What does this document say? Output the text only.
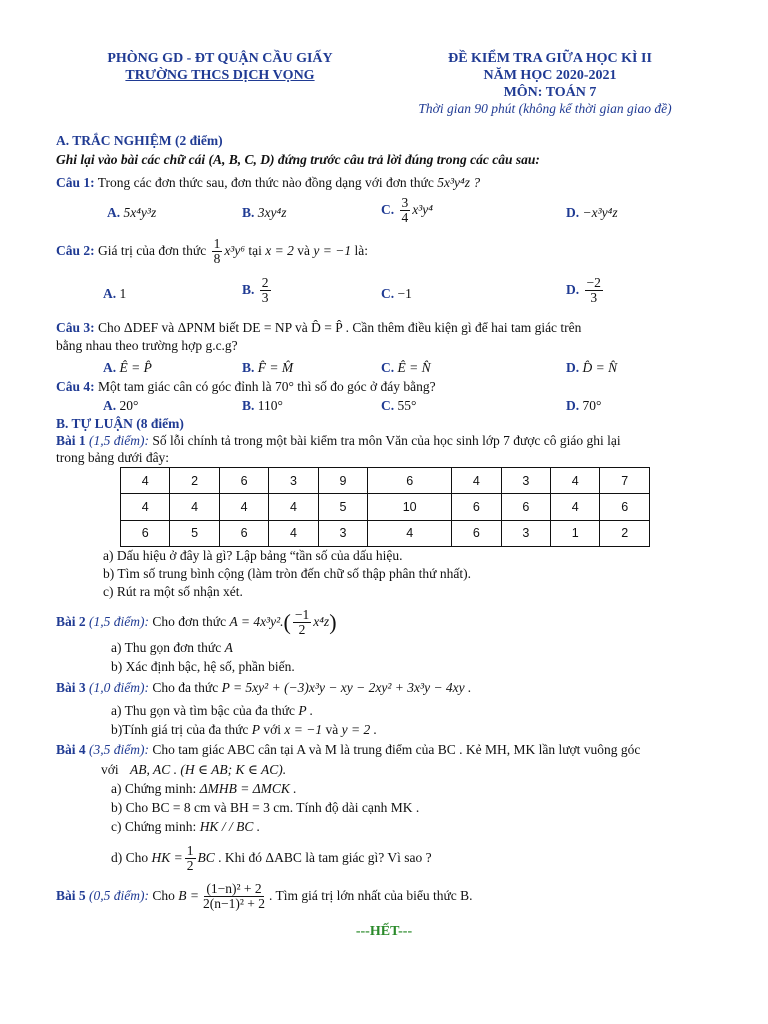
PHÒNG GD - ĐT QUẬN CẦU GIẤY
TRƯỜNG THCS DỊCH VỌNG
ĐỀ KIỂM TRA GIỮA HỌC KÌ II
NĂM HỌC 2020-2021
MÔN: TOÁN 7
Thời gian 90 phút (không kể thời gian giao đề)
A. TRẮC NGHIỆM (2 điểm)
Ghi lại vào bài các chữ cái (A, B, C, D) đứng trước câu trả lời đúng trong các câu sau:
Câu 1: Trong các đơn thức sau, đơn thức nào đồng dạng với đơn thức 5x³y⁴z ?
A. 5x⁴y³z	B. 3xy⁴z	C. $\frac{3}{4} x^3y^4$	D. −x³y⁴z
Câu 2: Giá trị của đơn thức $\frac{1}{8} x^3y^6$ tại x = 2 và y = −1 là:
A. 1	B. $\frac{2}{3}$	C. −1	D. $\frac{-2}{3}$
Câu 3: Cho ΔDEF và ΔPNM biết DE = NP và D̂ = P̂ . Cần thêm điều kiện gì để hai tam giác trên
bằng nhau theo trường hợp g.c.g?
A. Ê = P̂	B. F̂ = M̂	C. Ê = N̂	D. D̂ = N̂
Câu 4: Một tam giác cân có góc đỉnh là 70° thì số đo góc ở đáy bằng?
A. 20°	B. 110°	C. 55°	D. 70°
B. TỰ LUẬN (8 điểm)
Bài 1 (1,5 điểm): Số lỗi chính tả trong một bài kiểm tra môn Văn của học sinh lớp 7 được cô giáo ghi lại
trong bảng dưới đây:
4	2	6	3	9	6	4	3	4	7
4	4	4	4	5	10	6	6	4	6
6	5	6	4	3	4	6	3	1	2
a) Dấu hiệu ở đây là gì? Lập bảng “tần số của dấu hiệu.
b) Tìm số trung bình cộng (làm tròn đến chữ số thập phân thứ nhất).
c) Rút ra một số nhận xét.
Bài 2 (1,5 điểm): Cho đơn thức $A = 4x^3y^2.( \frac{-1}{2} x^4z)$
a) Thu gọn đơn thức A
b) Xác định bậc, hệ số, phần biến.
Bài 3 (1,0 điểm): Cho đa thức P = 5xy² + (−3)x³y − xy − 2xy² + 3x³y − 4xy .
a) Thu gọn và tìm bậc của đa thức P .
b)Tính giá trị của đa thức P với x = −1 và y = 2 .
Bài 4 (3,5 điểm): Cho tam giác ABC cân tại A và M là trung điểm của BC . Kẻ MH, MK lần lượt vuông góc
với AB, AC . (H ∈ AB; K ∈ AC).
a) Chứng minh: ΔMHB = ΔMCK .
b) Cho BC = 8 cm và BH = 3 cm. Tính độ dài cạnh MK .
c) Chứng minh: HK / / BC .
d) Cho HK = $\frac{1}{2}$ BC . Khi đó ΔABC là tam giác gì? Vì sao ?
Bài 5 (0,5 điểm): Cho $B = \frac{\text{(1−n)² + 2}}{\text{2(n−1)² + 2}}$ . Tìm giá trị lớn nhất của biểu thức B.
---HẾT---
